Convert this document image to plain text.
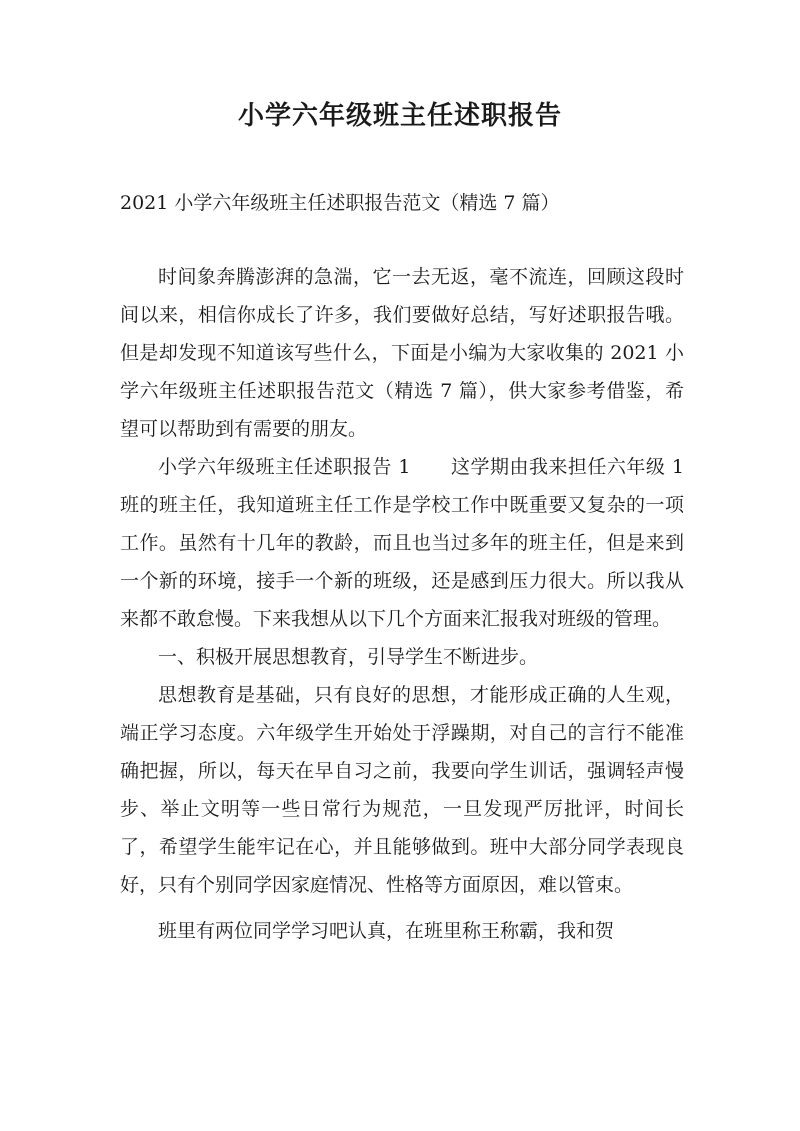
小学六年级班主任述职报告

2021 小学六年级班主任述职报告范文（精选 7 篇）

时间象奔腾澎湃的急湍，它一去无返，毫不流连，回顾这段时间以来，相信你成长了许多，我们要做好总结，写好述职报告哦。但是却发现不知道该写些什么，下面是小编为大家收集的 2021 小学六年级班主任述职报告范文（精选 7 篇），供大家参考借鉴，希望可以帮助到有需要的朋友。

小学六年级班主任述职报告 1 这学期由我来担任六年级 1 班的班主任，我知道班主任工作是学校工作中既重要又复杂的一项工作。虽然有十几年的教龄，而且也当过多年的班主任，但是来到一个新的环境，接手一个新的班级，还是感到压力很大。所以我从来都不敢怠慢。下来我想从以下几个方面来汇报我对班级的管理。

一、积极开展思想教育，引导学生不断进步。

思想教育是基础，只有良好的思想，才能形成正确的人生观，端正学习态度。六年级学生开始处于浮躁期，对自己的言行不能准确把握，所以，每天在早自习之前，我要向学生训话，强调轻声慢步、举止文明等一些日常行为规范，一旦发现严厉批评，时间长了，希望学生能牢记在心，并且能够做到。班中大部分同学表现良好，只有个别同学因家庭情况、性格等方面原因，难以管束。

班里有两位同学学习吧认真，在班里称王称霸，我和贺
